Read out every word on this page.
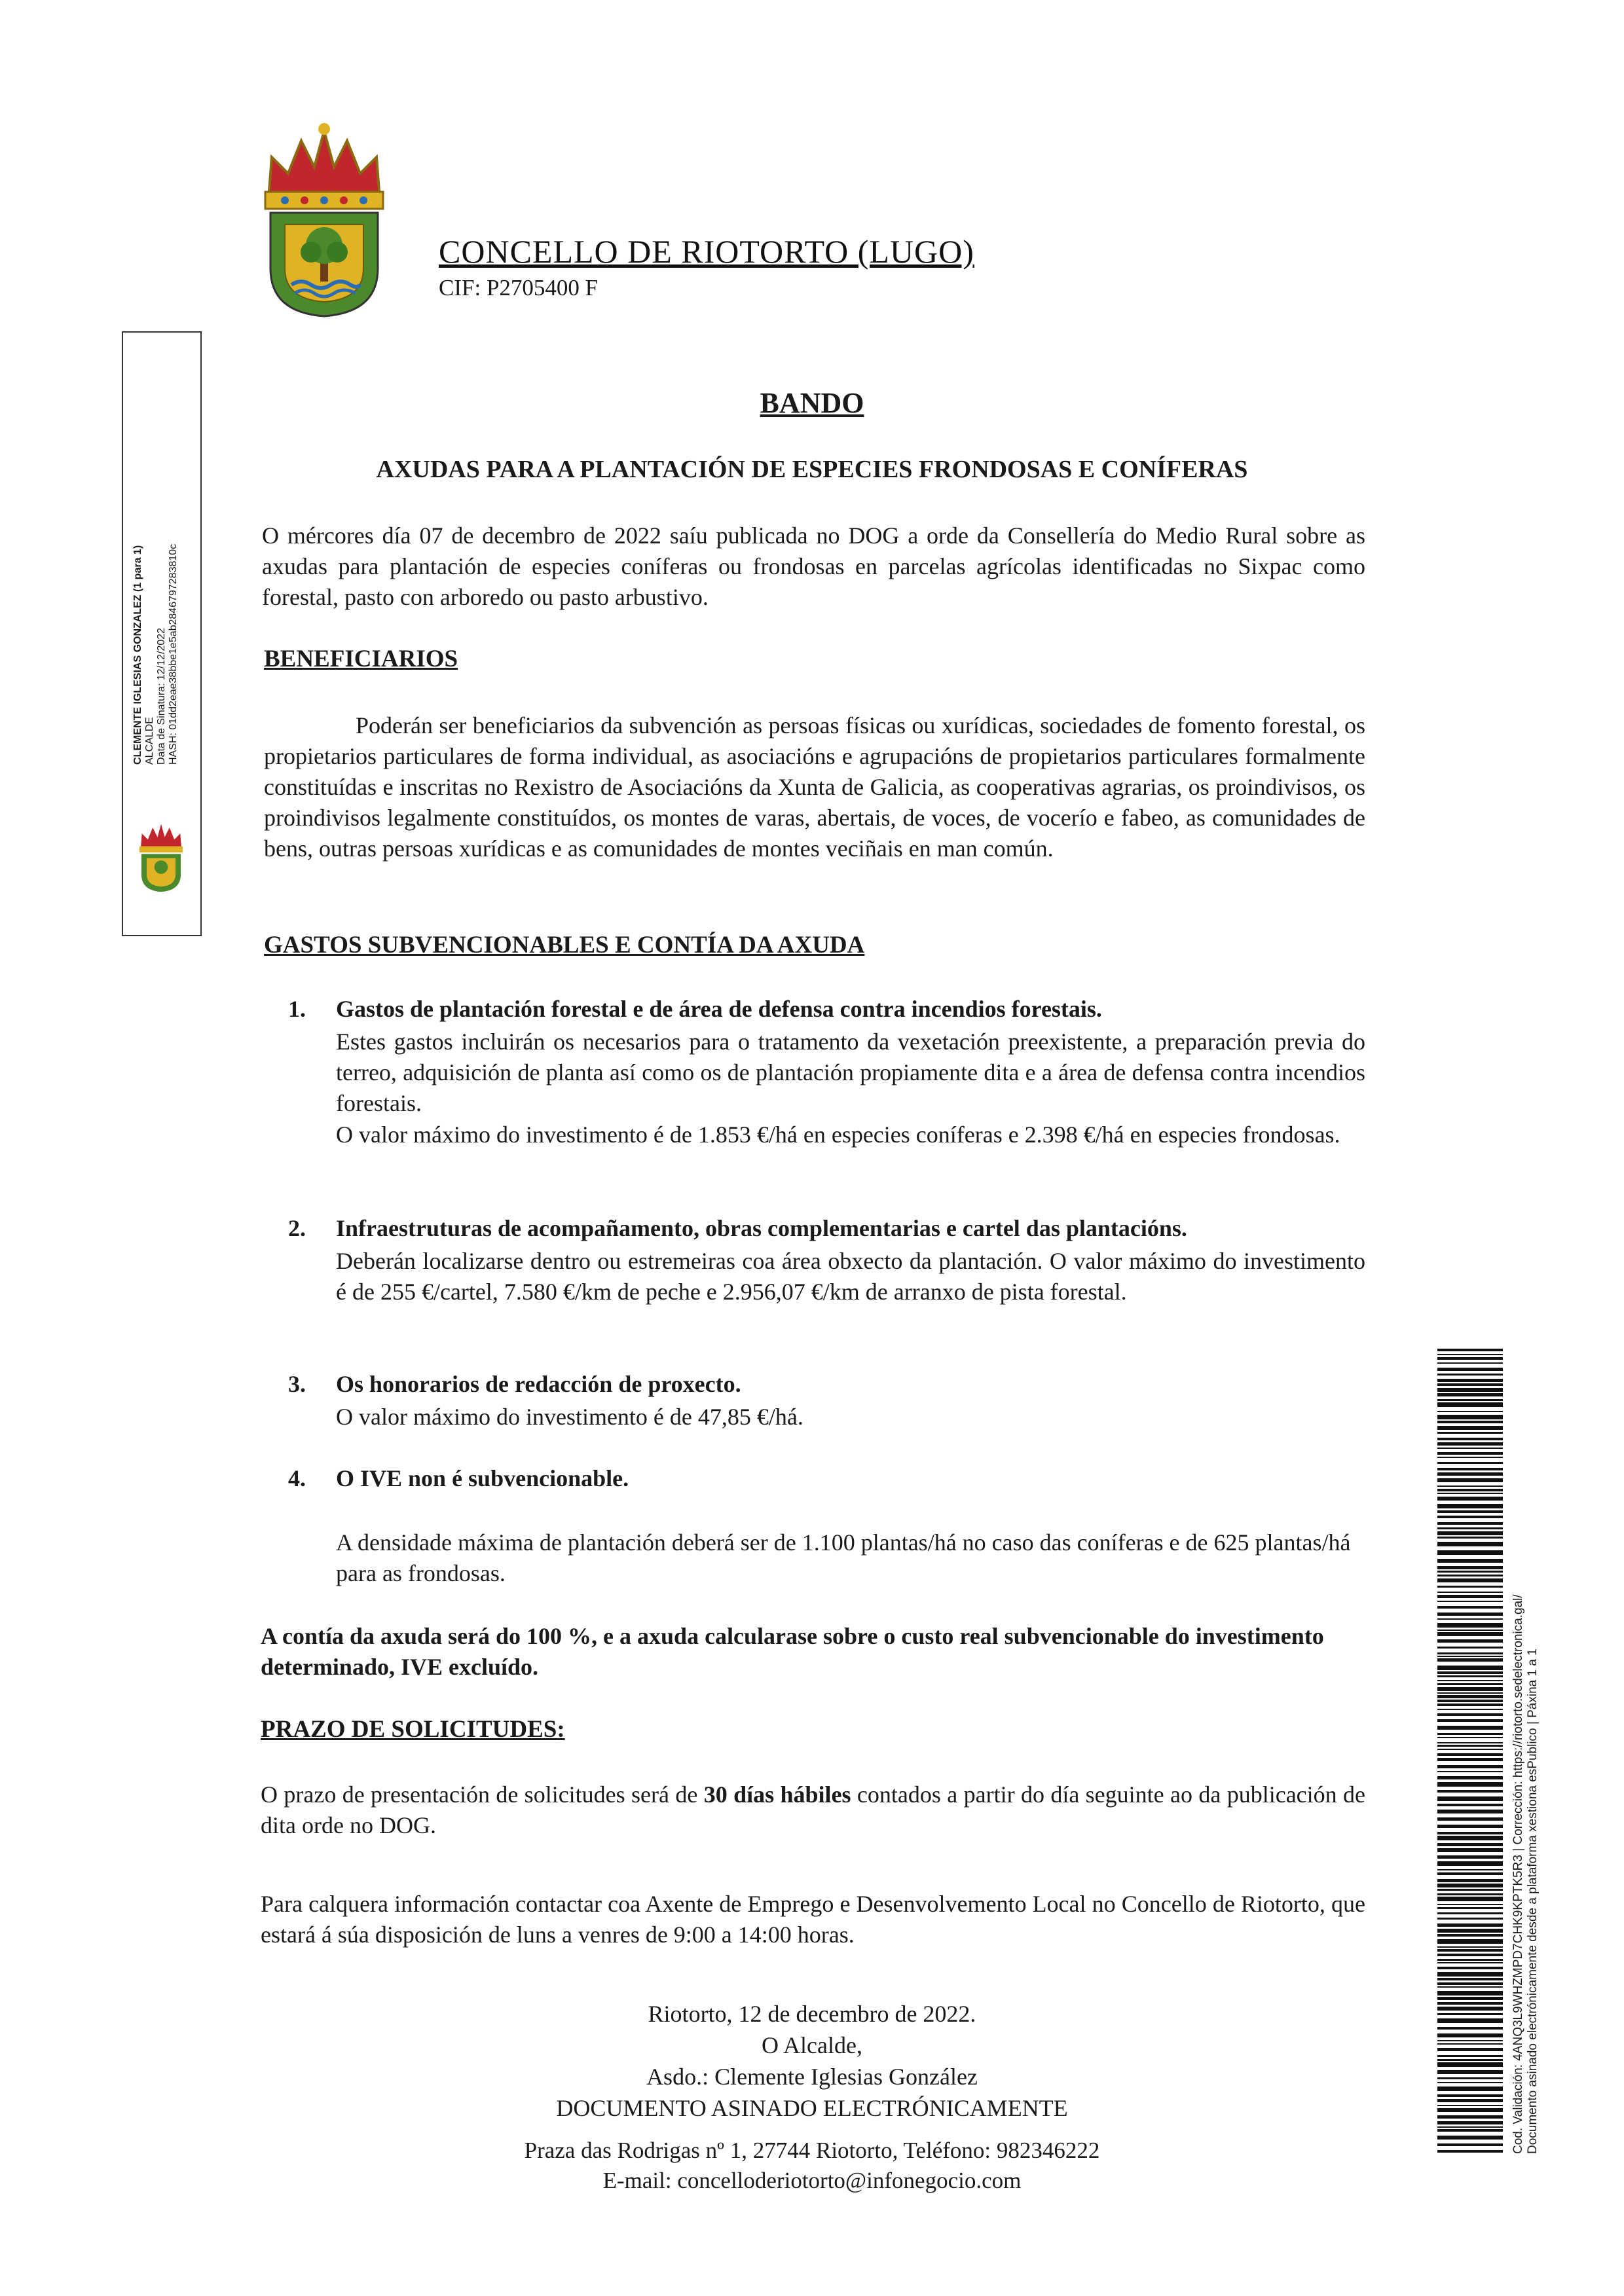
CONCELLO DE RIOTORTO (LUGO)
CIF: P2705400 F
CLEMENTE IGLESIAS GONZALEZ (1 para 1) ALCALDE Data de Sinatura: 12/12/2022 HASH: 01dd2eae38bbe1e5ab2846797283810c
BANDO
AXUDAS PARA A PLANTACIÓN DE ESPECIES FRONDOSAS E CONÍFERAS
O mércores día 07 de decembro de 2022 saíu publicada no DOG a orde da Consellería do Medio Rural sobre as axudas para plantación de especies coníferas ou frondosas en parcelas agrícolas identificadas no Sixpac como forestal, pasto con arboredo ou pasto arbustivo.
BENEFICIARIOS
Poderán ser beneficiarios da subvención as persoas físicas ou xurídicas, sociedades de fomento forestal, os propietarios particulares de forma individual, as asociacións e agrupacións de propietarios particulares formalmente constituídas e inscritas no Rexistro de Asociacións da Xunta de Galicia, as cooperativas agrarias, os proindivisos, os proindivisos legalmente constituídos, os montes de varas, abertais, de voces, de vocerío e fabeo, as comunidades de bens, outras persoas xurídicas e as comunidades de montes veciñais en man común.
GASTOS SUBVENCIONABLES E CONTÍA DA AXUDA
1. Gastos de plantación forestal e de área de defensa contra incendios forestais.
Estes gastos incluirán os necesarios para o tratamento da vexetación preexistente, a preparación previa do terreo, adquisición de planta así como os de plantación propiamente dita e a área de defensa contra incendios forestais.
O valor máximo do investimento é de 1.853 €/há en especies coníferas e 2.398 €/há en especies frondosas.
2. Infraestruturas de acompañamento, obras complementarias e cartel das plantacións.
Deberán localizarse dentro ou estremeiras coa área obxecto da plantación. O valor máximo do investimento é de 255 €/cartel, 7.580 €/km de peche e 2.956,07 €/km de arranxo de pista forestal.
3. Os honorarios de redacción de proxecto.
O valor máximo do investimento é de 47,85 €/há.
4. O IVE non é subvencionable.
A densidade máxima de plantación deberá ser de 1.100 plantas/há no caso das coníferas e de 625 plantas/há para as frondosas.
A contía da axuda será do 100 %, e a axuda calcularase sobre o custo real subvencionable do investimento determinado, IVE excluído.
PRAZO DE SOLICITUDES:
O prazo de presentación de solicitudes será de 30 días hábiles contados a partir do día seguinte ao da publicación de dita orde no DOG.
Para calquera información contactar coa Axente de Emprego e Desenvolvemento Local no Concello de Riotorto, que estará á súa disposición de luns a venres de 9:00 a 14:00 horas.
Riotorto, 12 de decembro de 2022.
O Alcalde,
Asdo.: Clemente Iglesias González
DOCUMENTO ASINADO ELECTRÓNICAMENTE
Praza das Rodrigas nº 1, 27744 Riotorto, Teléfono: 982346222
E-mail: concelloderiotorto@infonegocio.com
Cod. Validación: 4ANQ3L9WHZMPD7CHK9KPTK5R3 | Corrección: https://riotorto.sedelectronica.gal/ Documento asinado electrónicamente desde a plataforma xestiona esPublico | Páxina 1 a 1
